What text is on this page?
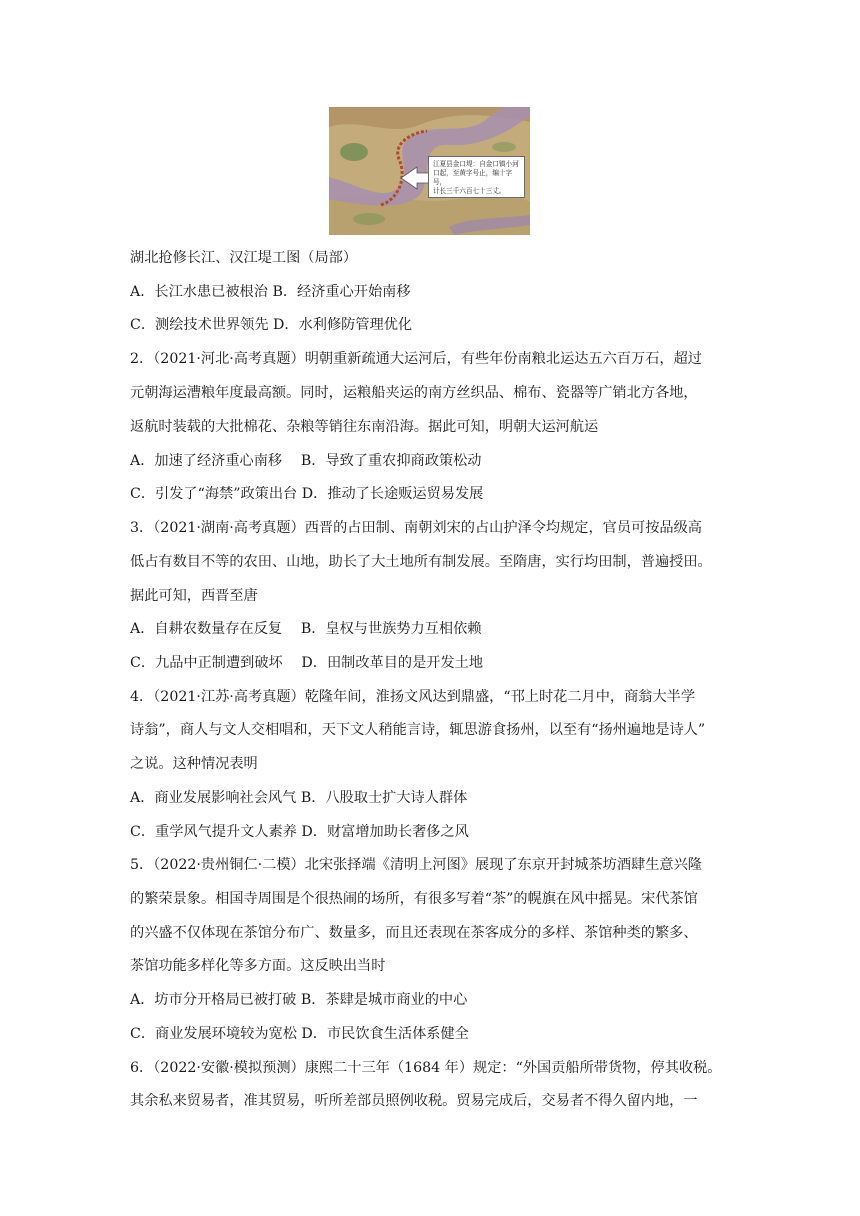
江夏县金口堤：自金口镇小河
口起，至黄字号止，编十字号，
计长三千六百七十三丈。
湖北抢修长江、汉江堤工图（局部）
A．长江水患已被根治 B．经济重心开始南移
C．测绘技术世界领先 D．水利修防管理优化
2．（2021·河北·高考真题）明朝重新疏通大运河后，有些年份南粮北运达五六百万石，超过
元朝海运漕粮年度最高额。同时，运粮船夹运的南方丝织品、棉布、瓷器等广销北方各地，
返航时装载的大批棉花、杂粮等销往东南沿海。据此可知，明朝大运河航运
A．加速了经济重心南移　 B．导致了重农抑商政策松动
C．引发了“海禁”政策出台 D．推动了长途贩运贸易发展
3．（2021·湖南·高考真题）西晋的占田制、南朝刘宋的占山护泽令均规定，官员可按品级高
低占有数目不等的农田、山地，助长了大土地所有制发展。至隋唐，实行均田制，普遍授田。
据此可知，西晋至唐
A．自耕农数量存在反复　 B．皇权与世族势力互相依赖
C．九品中正制遭到破坏　 D．田制改革目的是开发土地
4．（2021·江苏·高考真题）乾隆年间，淮扬文风达到鼎盛，“邗上时花二月中，商翁大半学
诗翁”，商人与文人交相唱和，天下文人稍能言诗，辄思游食扬州，以至有“扬州遍地是诗人”
之说。这种情况表明
A．商业发展影响社会风气 B．八股取士扩大诗人群体
C．重学风气提升文人素养 D．财富增加助长奢侈之风
5．（2022·贵州铜仁·二模）北宋张择端《清明上河图》展现了东京开封城茶坊酒肆生意兴隆
的繁荣景象。相国寺周围是个很热闹的场所，有很多写着“茶”的幌旗在风中摇晃。宋代茶馆
的兴盛不仅体现在茶馆分布广、数量多，而且还表现在茶客成分的多样、茶馆种类的繁多、
茶馆功能多样化等多方面。这反映出当时
A．坊市分开格局已被打破 B．茶肆是城市商业的中心
C．商业发展环境较为宽松 D．市民饮食生活体系健全
6．（2022·安徽·模拟预测）康熙二十三年（1684 年）规定：“外国贡船所带货物，停其收税。
其余私来贸易者，准其贸易，听所差部员照例收税。贸易完成后，交易者不得久留内地，一
